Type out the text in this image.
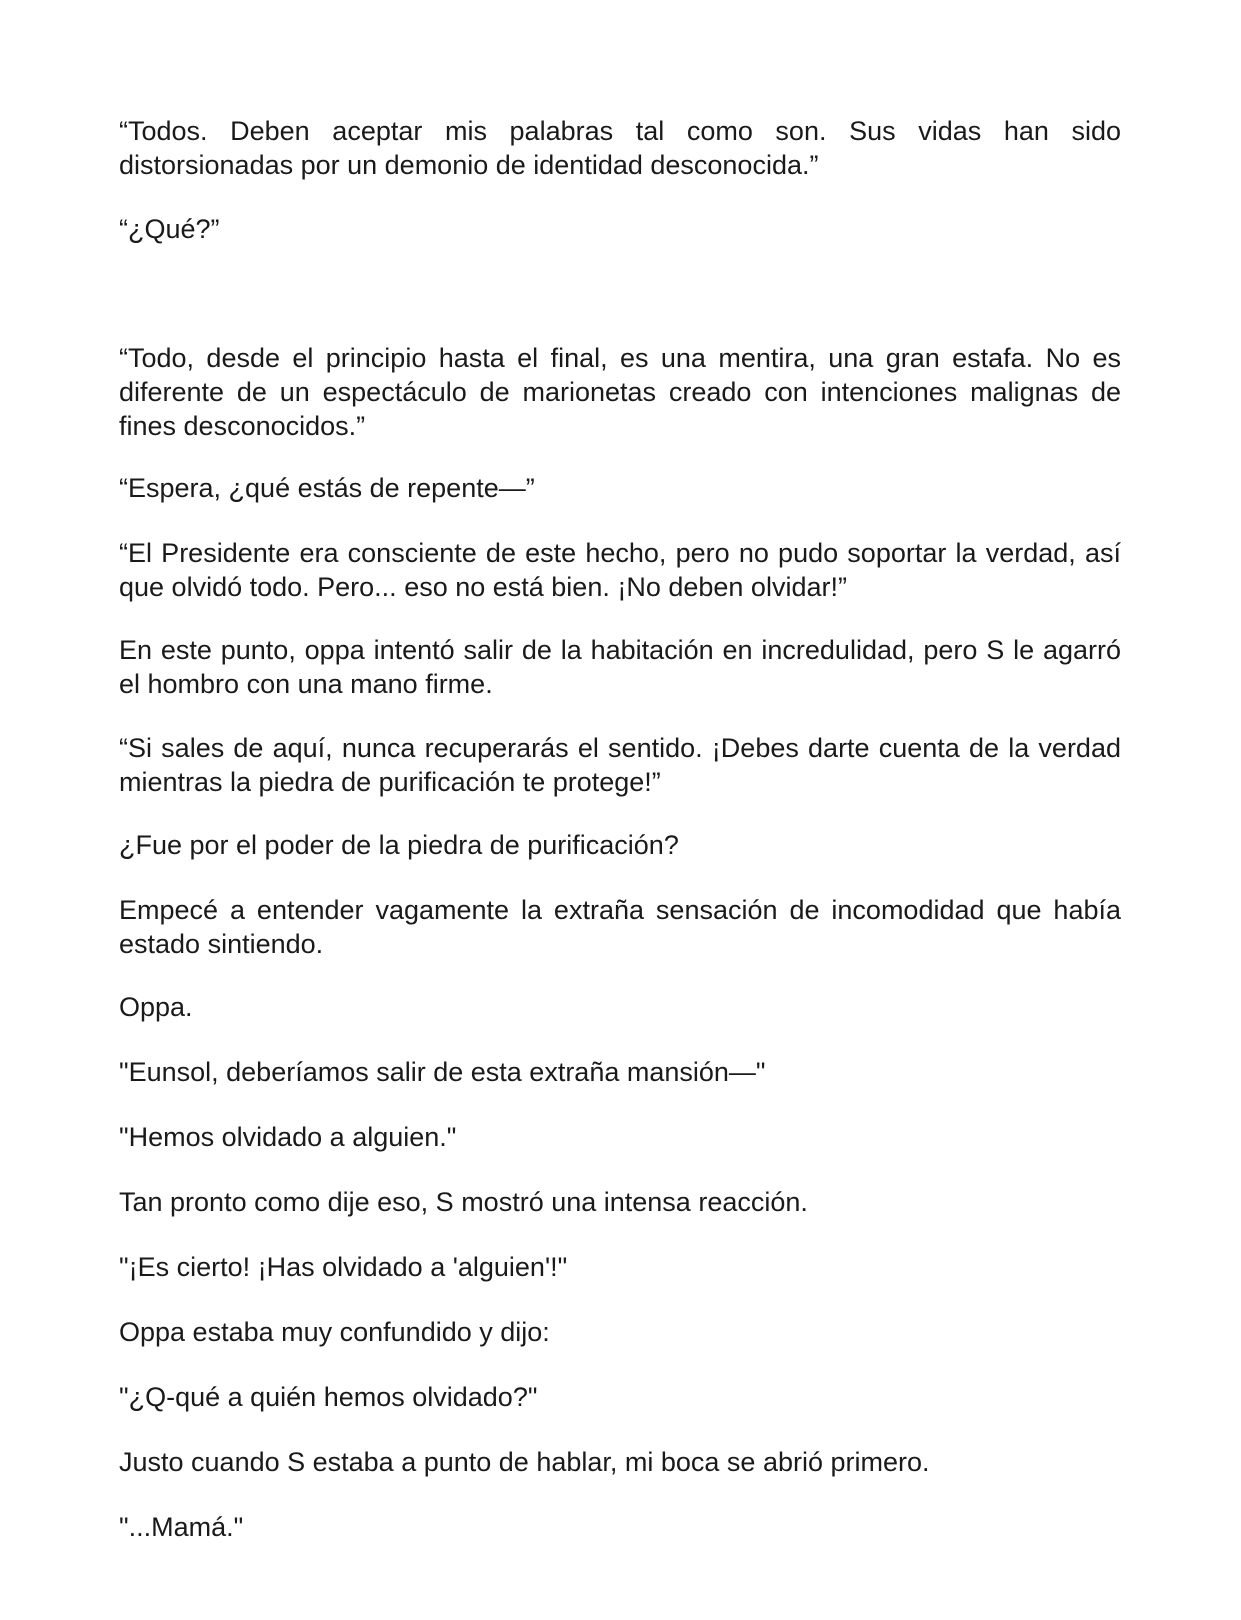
“Todos. Deben aceptar mis palabras tal como son. Sus vidas han sido distorsionadas por un demonio de identidad desconocida.”

“¿Qué?”

“Todo, desde el principio hasta el final, es una mentira, una gran estafa. No es diferente de un espectáculo de marionetas creado con intenciones malignas de fines desconocidos.”

“Espera, ¿qué estás de repente—”

“El Presidente era consciente de este hecho, pero no pudo soportar la verdad, así que olvidó todo. Pero... eso no está bien. ¡No deben olvidar!”

En este punto, oppa intentó salir de la habitación en incredulidad, pero S le agarró el hombro con una mano firme.

“Si sales de aquí, nunca recuperarás el sentido. ¡Debes darte cuenta de la verdad mientras la piedra de purificación te protege!”

¿Fue por el poder de la piedra de purificación?

Empecé a entender vagamente la extraña sensación de incomodidad que había estado sintiendo.

Oppa.

"Eunsol, deberíamos salir de esta extraña mansión—"

"Hemos olvidado a alguien."

Tan pronto como dije eso, S mostró una intensa reacción.

"¡Es cierto! ¡Has olvidado a 'alguien'!"

Oppa estaba muy confundido y dijo:

"¿Q-qué a quién hemos olvidado?"

Justo cuando S estaba a punto de hablar, mi boca se abrió primero.

"...Mamá."
